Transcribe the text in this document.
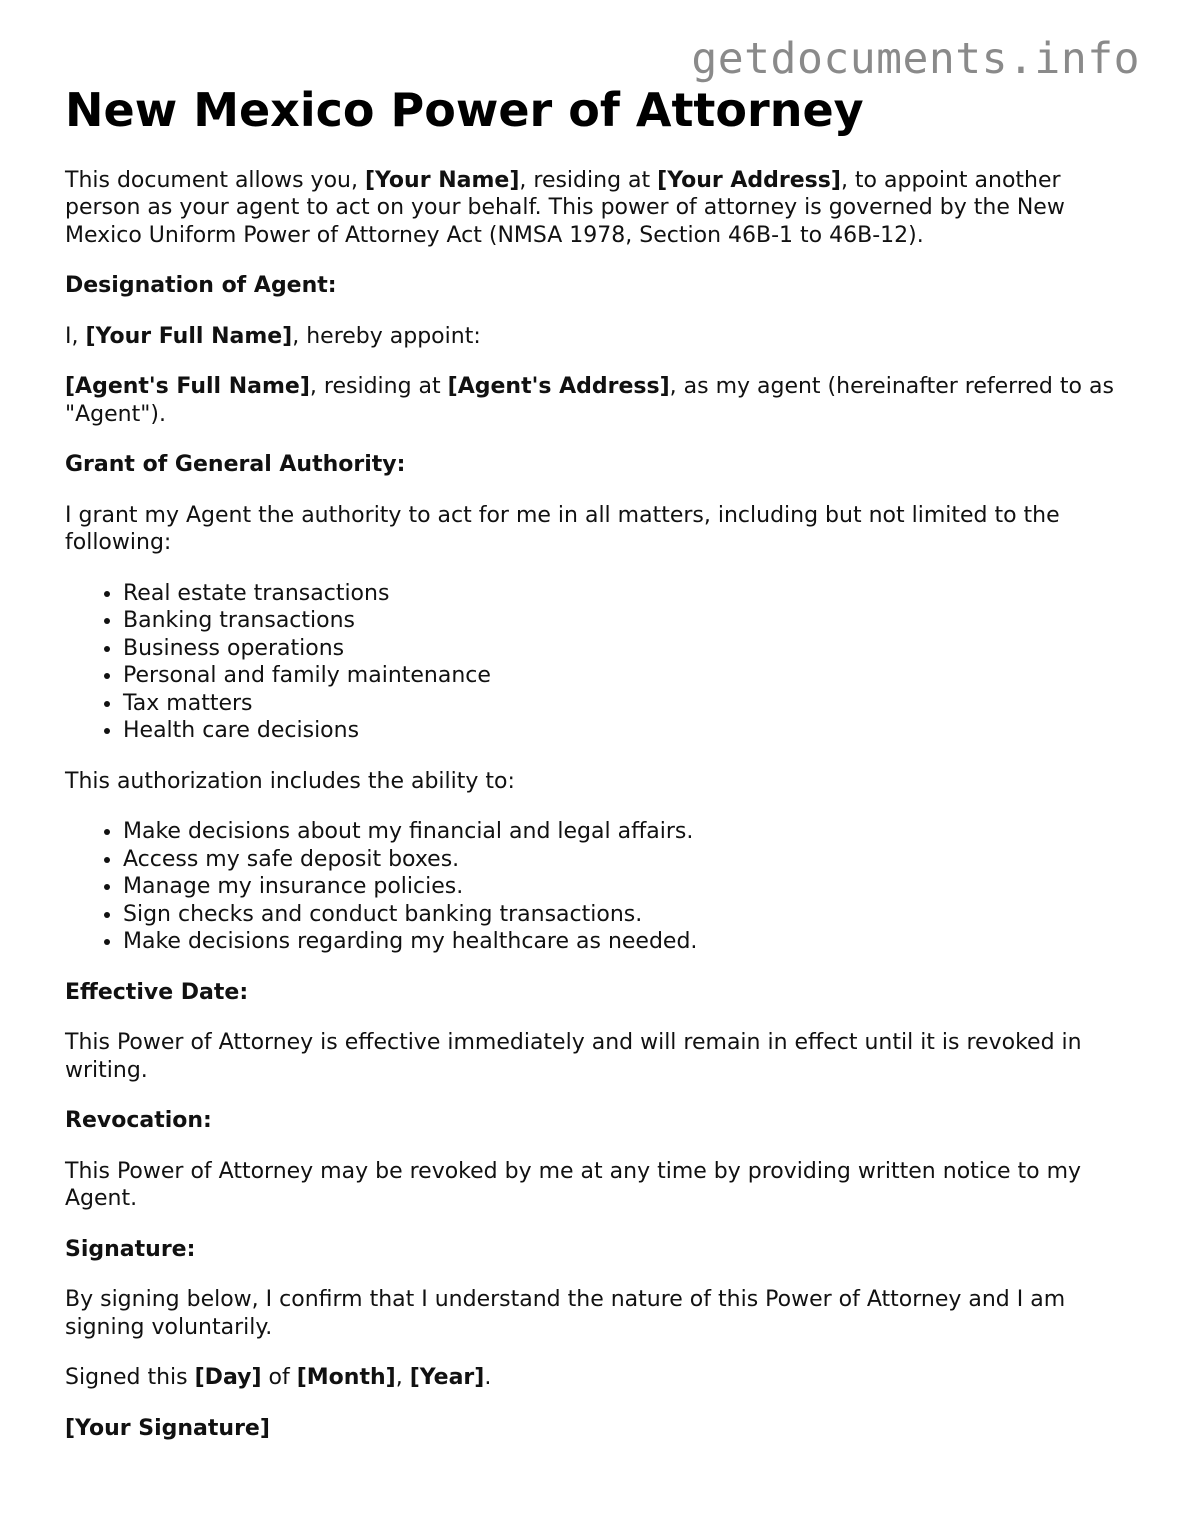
getdocuments.info
New Mexico Power of Attorney

This document allows you, [Your Name], residing at [Your Address], to appoint another person as your agent to act on your behalf. This power of attorney is governed by the New Mexico Uniform Power of Attorney Act (NMSA 1978, Section 46B-1 to 46B-12).

Designation of Agent:

I, [Your Full Name], hereby appoint:

[Agent's Full Name], residing at [Agent's Address], as my agent (hereinafter referred to as "Agent").

Grant of General Authority:

I grant my Agent the authority to act for me in all matters, including but not limited to the following:

• Real estate transactions
• Banking transactions
• Business operations
• Personal and family maintenance
• Tax matters
• Health care decisions

This authorization includes the ability to:

• Make decisions about my financial and legal affairs.
• Access my safe deposit boxes.
• Manage my insurance policies.
• Sign checks and conduct banking transactions.
• Make decisions regarding my healthcare as needed.

Effective Date:

This Power of Attorney is effective immediately and will remain in effect until it is revoked in writing.

Revocation:

This Power of Attorney may be revoked by me at any time by providing written notice to my Agent.

Signature:

By signing below, I confirm that I understand the nature of this Power of Attorney and I am signing voluntarily.

Signed this [Day] of [Month], [Year].

[Your Signature]
